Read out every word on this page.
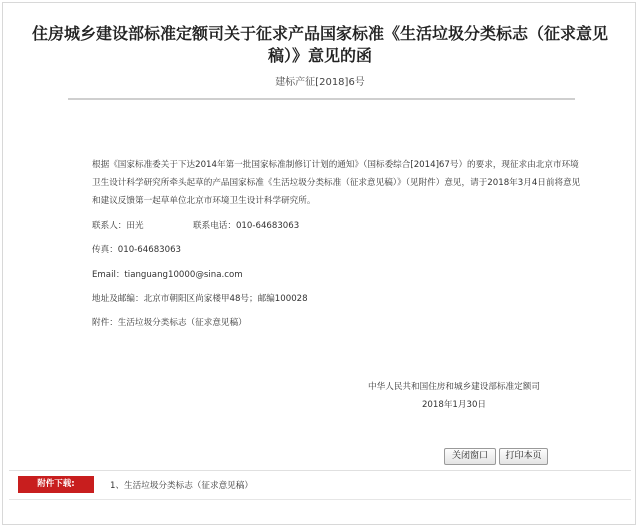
住房城乡建设部标准定额司关于征求产品国家标准《生活垃圾分类标志（征求意见
稿）》意见的函

建标产征[2018]6号

根据《国家标准委关于下达2014年第一批国家标准制修订计划的通知》（国标委综合[2014]67号）的要求，现征求由北京市环境卫生设计科学研究所牵头起草的产品国家标准《生活垃圾分类标准（征求意见稿）》（见附件）意见，请于2018年3月4日前将意见和建议反馈第一起草单位北京市环境卫生设计科学研究所。

联系人：田光	联系电话：010-64683063
传真：010-64683063
Email：tianguang10000@sina.com
地址及邮编：北京市朝阳区尚家楼甲48号；邮编100028
附件：生活垃圾分类标志（征求意见稿）
中华人民共和国住房和城乡建设部标准定额司
2018年1月30日
关闭窗口	打印本页
附件下载:	1、生活垃圾分类标志（征求意见稿）
